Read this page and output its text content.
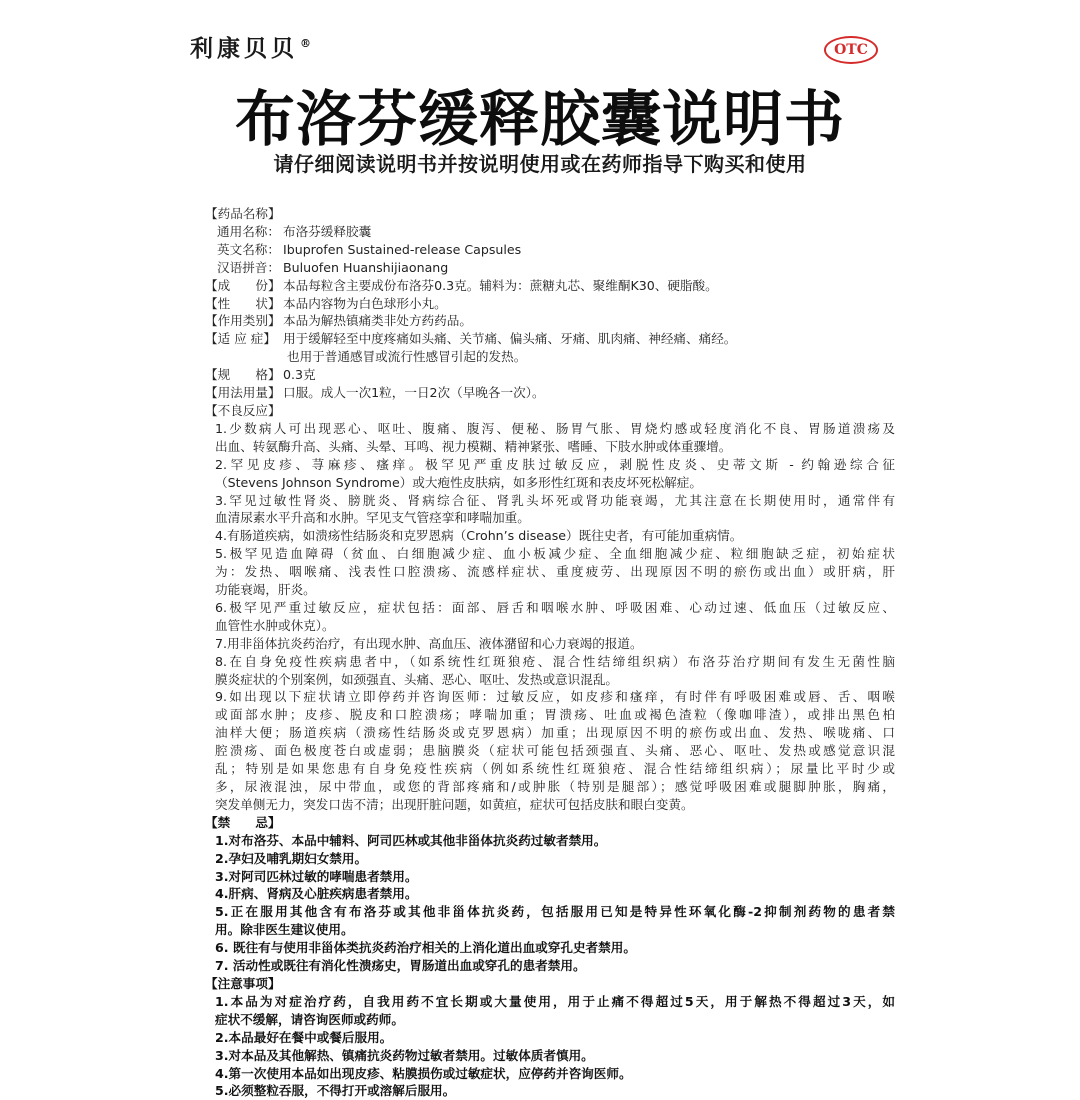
利康贝贝 ®	OTC
布洛芬缓释胶囊说明书
请仔细阅读说明书并按说明使用或在药师指导下购买和使用
【药品名称】
通用名称： 布洛芬缓释胶囊
英文名称： Ibuprofen Sustained-release Capsules
汉语拼音： Buluofen Huanshijiaonang
【成　　份】 本品每粒含主要成份布洛芬0.3克。辅料为：蔗糖丸芯、聚维酮K30、硬脂酸。
【性　　状】 本品内容物为白色球形小丸。
【作用类别】 本品为解热镇痛类非处方药药品。
【适 应 症】 用于缓解轻至中度疼痛如头痛、关节痛、偏头痛、牙痛、肌肉痛、神经痛、痛经。
也用于普通感冒或流行性感冒引起的发热。
【规　　格】 0.3克
【用法用量】 口服。成人一次1粒，一日2次（早晚各一次）。
【不良反应】
1.少数病人可出现恶心、呕吐、腹痛、腹泻、便秘、肠胃气胀、胃烧灼感或轻度消化不良、胃肠道溃疡及
出血、转氨酶升高、头痛、头晕、耳鸣、视力模糊、精神紧张、嗜睡、下肢水肿或体重骤增。
2.罕见皮疹、荨麻疹、瘙痒。极罕见严重皮肤过敏反应，剥脱性皮炎、史蒂文斯 - 约翰逊综合征
（Stevens Johnson Syndrome）或大疱性皮肤病，如多形性红斑和表皮坏死松解症。
3.罕见过敏性肾炎、膀胱炎、肾病综合征、肾乳头坏死或肾功能衰竭，尤其注意在长期使用时，通常伴有
血清尿素水平升高和水肿。罕见支气管痉挛和哮喘加重。
4.有肠道疾病，如溃疡性结肠炎和克罗恩病（Crohn’s disease）既往史者，有可能加重病情。
5.极罕见造血障碍（贫血、白细胞减少症、血小板减少症、全血细胞减少症、粒细胞缺乏症，初始症状
为：发热、咽喉痛、浅表性口腔溃疡、流感样症状、重度疲劳、出现原因不明的瘀伤或出血）或肝病，肝
功能衰竭，肝炎。
6.极罕见严重过敏反应，症状包括：面部、唇舌和咽喉水肿、呼吸困难、心动过速、低血压（过敏反应、
血管性水肿或休克）。
7.用非甾体抗炎药治疗，有出现水肿、高血压、液体潴留和心力衰竭的报道。
8.在自身免疫性疾病患者中，（如系统性红斑狼疮、混合性结缔组织病）布洛芬治疗期间有发生无菌性脑
膜炎症状的个别案例，如颈强直、头痛、恶心、呕吐、发热或意识混乱。
9.如出现以下症状请立即停药并咨询医师：过敏反应，如皮疹和瘙痒，有时伴有呼吸困难或唇、舌、咽喉
或面部水肿；皮疹、脱皮和口腔溃疡；哮喘加重；胃溃疡、吐血或褐色渣粒（像咖啡渣），或排出黑色柏
油样大便；肠道疾病（溃疡性结肠炎或克罗恩病）加重；出现原因不明的瘀伤或出血、发热、喉咙痛、口
腔溃疡、面色极度苍白或虚弱；患脑膜炎（症状可能包括颈强直、头痛、恶心、呕吐、发热或感觉意识混
乱；特别是如果您患有自身免疫性疾病（例如系统性红斑狼疮、混合性结缔组织病）；尿量比平时少或
多，尿液混浊，尿中带血，或您的背部疼痛和/或肿胀（特别是腿部）；感觉呼吸困难或腿脚肿胀，胸痛，
突发单侧无力，突发口齿不清；出现肝脏问题，如黄疸，症状可包括皮肤和眼白变黄。
【禁　　忌】
1.对布洛芬、本品中辅料、阿司匹林或其他非甾体抗炎药过敏者禁用。
2.孕妇及哺乳期妇女禁用。
3.对阿司匹林过敏的哮喘患者禁用。
4.肝病、肾病及心脏疾病患者禁用。
5.正在服用其他含有布洛芬或其他非甾体抗炎药，包括服用已知是特异性环氧化酶-2抑制剂药物的患者禁
用。除非医生建议使用。
6. 既往有与使用非甾体类抗炎药治疗相关的上消化道出血或穿孔史者禁用。
7. 活动性或既往有消化性溃疡史，胃肠道出血或穿孔的患者禁用。
【注意事项】
1.本品为对症治疗药，自我用药不宜长期或大量使用，用于止痛不得超过5天，用于解热不得超过3天，如
症状不缓解，请咨询医师或药师。
2.本品最好在餐中或餐后服用。
3.对本品及其他解热、镇痛抗炎药物过敏者禁用。过敏体质者慎用。
4.第一次使用本品如出现皮疹、粘膜损伤或过敏症状，应停药并咨询医师。
5.必须整粒吞服，不得打开或溶解后服用。
